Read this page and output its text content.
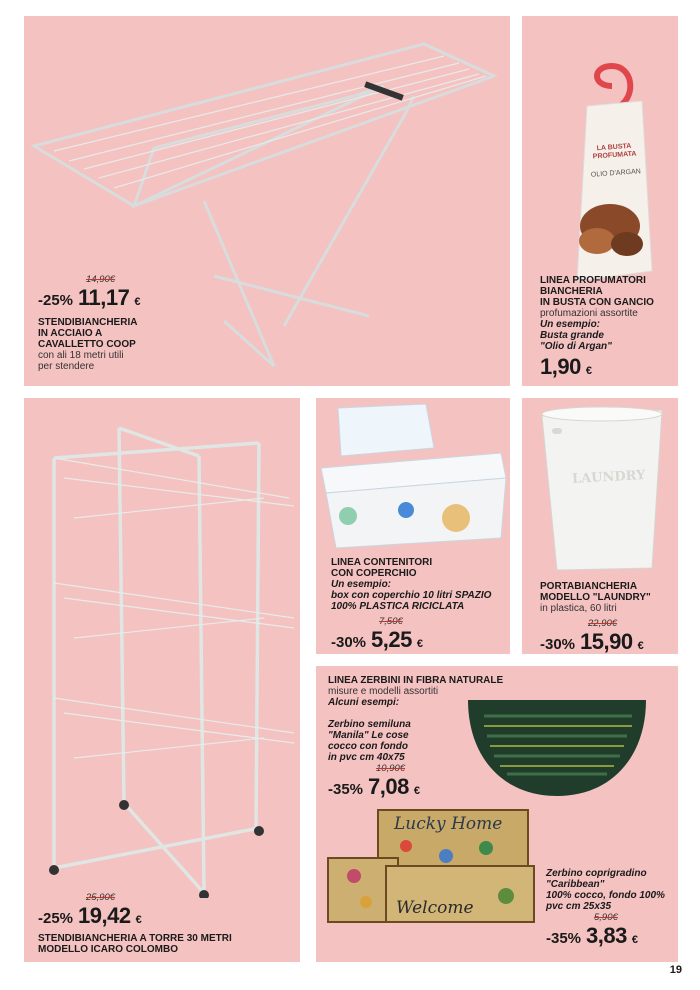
14,90€
-25% 11,17 €
STENDIBIANCHERIA
IN ACCIAIO A
CAVALLETTO COOP
con ali 18 metri utili
per stendere
LA BUSTA
PROFUMATA
OLIO D'ARGAN
LINEA PROFUMATORI
BIANCHERIA
IN BUSTA CON GANCIO
profumazioni assortite
Un esempio:
Busta grande
"Olio di Argan"
1,90 €
25,90€
-25% 19,42 €
STENDIBIANCHERIA A TORRE 30 METRI
MODELLO ICARO COLOMBO
LINEA CONTENITORI
CON COPERCHIO
Un esempio:
box con coperchio 10 litri SPAZIO
100% PLASTICA RICICLATA
7,50€
-30% 5,25 €
LAUNDRY
PORTABIANCHERIA
MODELLO "LAUNDRY"
in plastica, 60 litri
22,90€
-30% 15,90 €
Lucky Home
Welcome
LINEA ZERBINI IN FIBRA NATURALE
misure e modelli assortiti
Alcuni esempi:
Zerbino semiluna
"Manila" Le cose
cocco con fondo
in pvc cm 40x75
10,90€
-35% 7,08 €
Zerbino coprigradino
"Caribbean"
100% cocco, fondo 100%
pvc cm 25x35
5,90€
-35% 3,83 €
19
